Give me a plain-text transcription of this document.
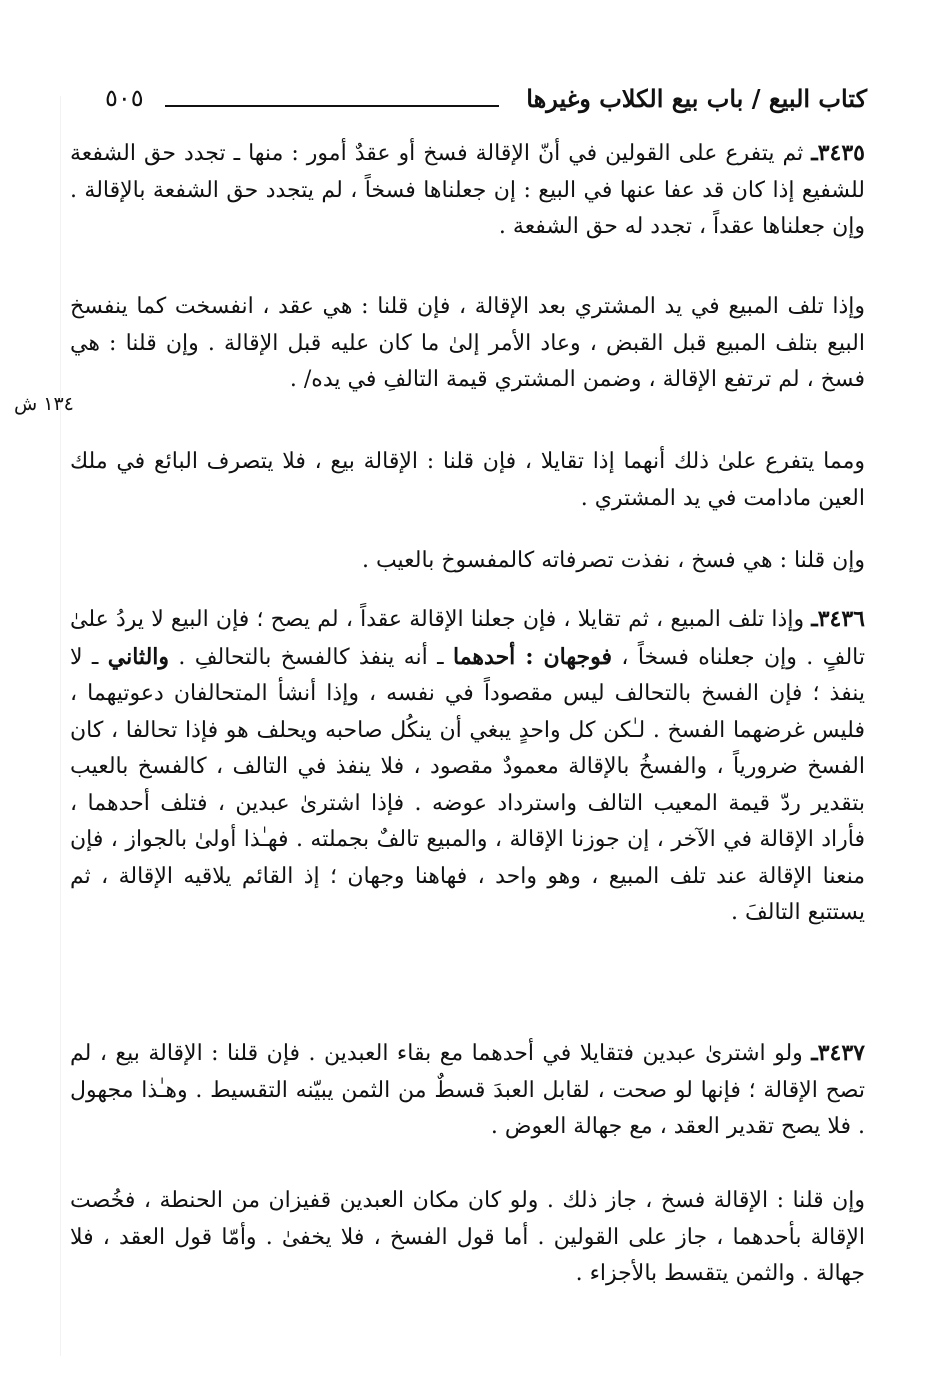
كتاب البيع / باب بيع الكلاب وغيرها
٥٠٥
١٣٤ ش

٣٤٣٥ـ ثم يتفرع على القولين في أنّ الإقالة فسخ أو عقدٌ أمور : منها ـ تجدد حق الشفعة للشفيع إذا كان قد عفا عنها في البيع : إن جعلناها فسخاً ، لم يتجدد حق الشفعة بالإقالة . وإن جعلناها عقداً ، تجدد له حق الشفعة .

وإذا تلف المبيع في يد المشتري بعد الإقالة ، فإن قلنا : هي عقد ، انفسخت كما ينفسخ البيع بتلف المبيع قبل القبض ، وعاد الأمر إلىٰ ما كان عليه قبل الإقالة . وإن قلنا : هي فسخ ، لم ترتفع الإقالة ، وضمن المشتري قيمة التالفِ في يده/ .

ومما يتفرع علىٰ ذلك أنهما إذا تقايلا ، فإن قلنا : الإقالة بيع ، فلا يتصرف البائع في ملك العين مادامت في يد المشتري .

وإن قلنا : هي فسخ ، نفذت تصرفاته كالمفسوخ بالعيب .

٣٤٣٦ـ وإذا تلف المبيع ، ثم تقايلا ، فإن جعلنا الإقالة عقداً ، لم يصح ؛ فإن البيع لا يردُ علىٰ تالفٍ . وإن جعلناه فسخاً ، فوجهان : أحدهما ـ أنه ينفذ كالفسخ بالتحالفِ . والثاني ـ لا ينفذ ؛ فإن الفسخ بالتحالف ليس مقصوداً في نفسه ، وإذا أنشأ المتحالفان دعوتيهما ، فليس غرضهما الفسخ . لـٰكن كل واحدٍ يبغي أن ينكُل صاحبه ويحلف هو فإذا تحالفا ، كان الفسخ ضرورياً ، والفسخُ بالإقالة معمودٌ مقصود ، فلا ينفذ في التالف ، كالفسخ بالعيب بتقدير ردّ قيمة المعيب التالف واسترداد عوضه . فإذا اشترىٰ عبدين ، فتلف أحدهما ، فأراد الإقالة في الآخر ، إن جوزنا الإقالة ، والمبيع تالفٌ بجملته . فهـٰذا أولىٰ بالجواز ، فإن منعنا الإقالة عند تلف المبيع ، وهو واحد ، فهاهنا وجهان ؛ إذ القائم يلاقيه الإقالة ، ثم يستتبع التالفَ .

٣٤٣٧ـ ولو اشترىٰ عبدين فتقايلا في أحدهما مع بقاء العبدين . فإن قلنا : الإقالة بيع ، لم تصح الإقالة ؛ فإنها لو صحت ، لقابل العبدَ قسطٌ من الثمن يبيّنه التقسيط . وهـٰذا مجهول . فلا يصح تقدير العقد ، مع جهالة العوض .

وإن قلنا : الإقالة فسخ ، جاز ذلك . ولو كان مكان العبدين قفيزان من الحنطة ، فخُصت الإقالة بأحدهما ، جاز على القولين . أما قول الفسخ ، فلا يخفىٰ . وأمّا قول العقد ، فلا جهالة . والثمن يتقسط بالأجزاء .
